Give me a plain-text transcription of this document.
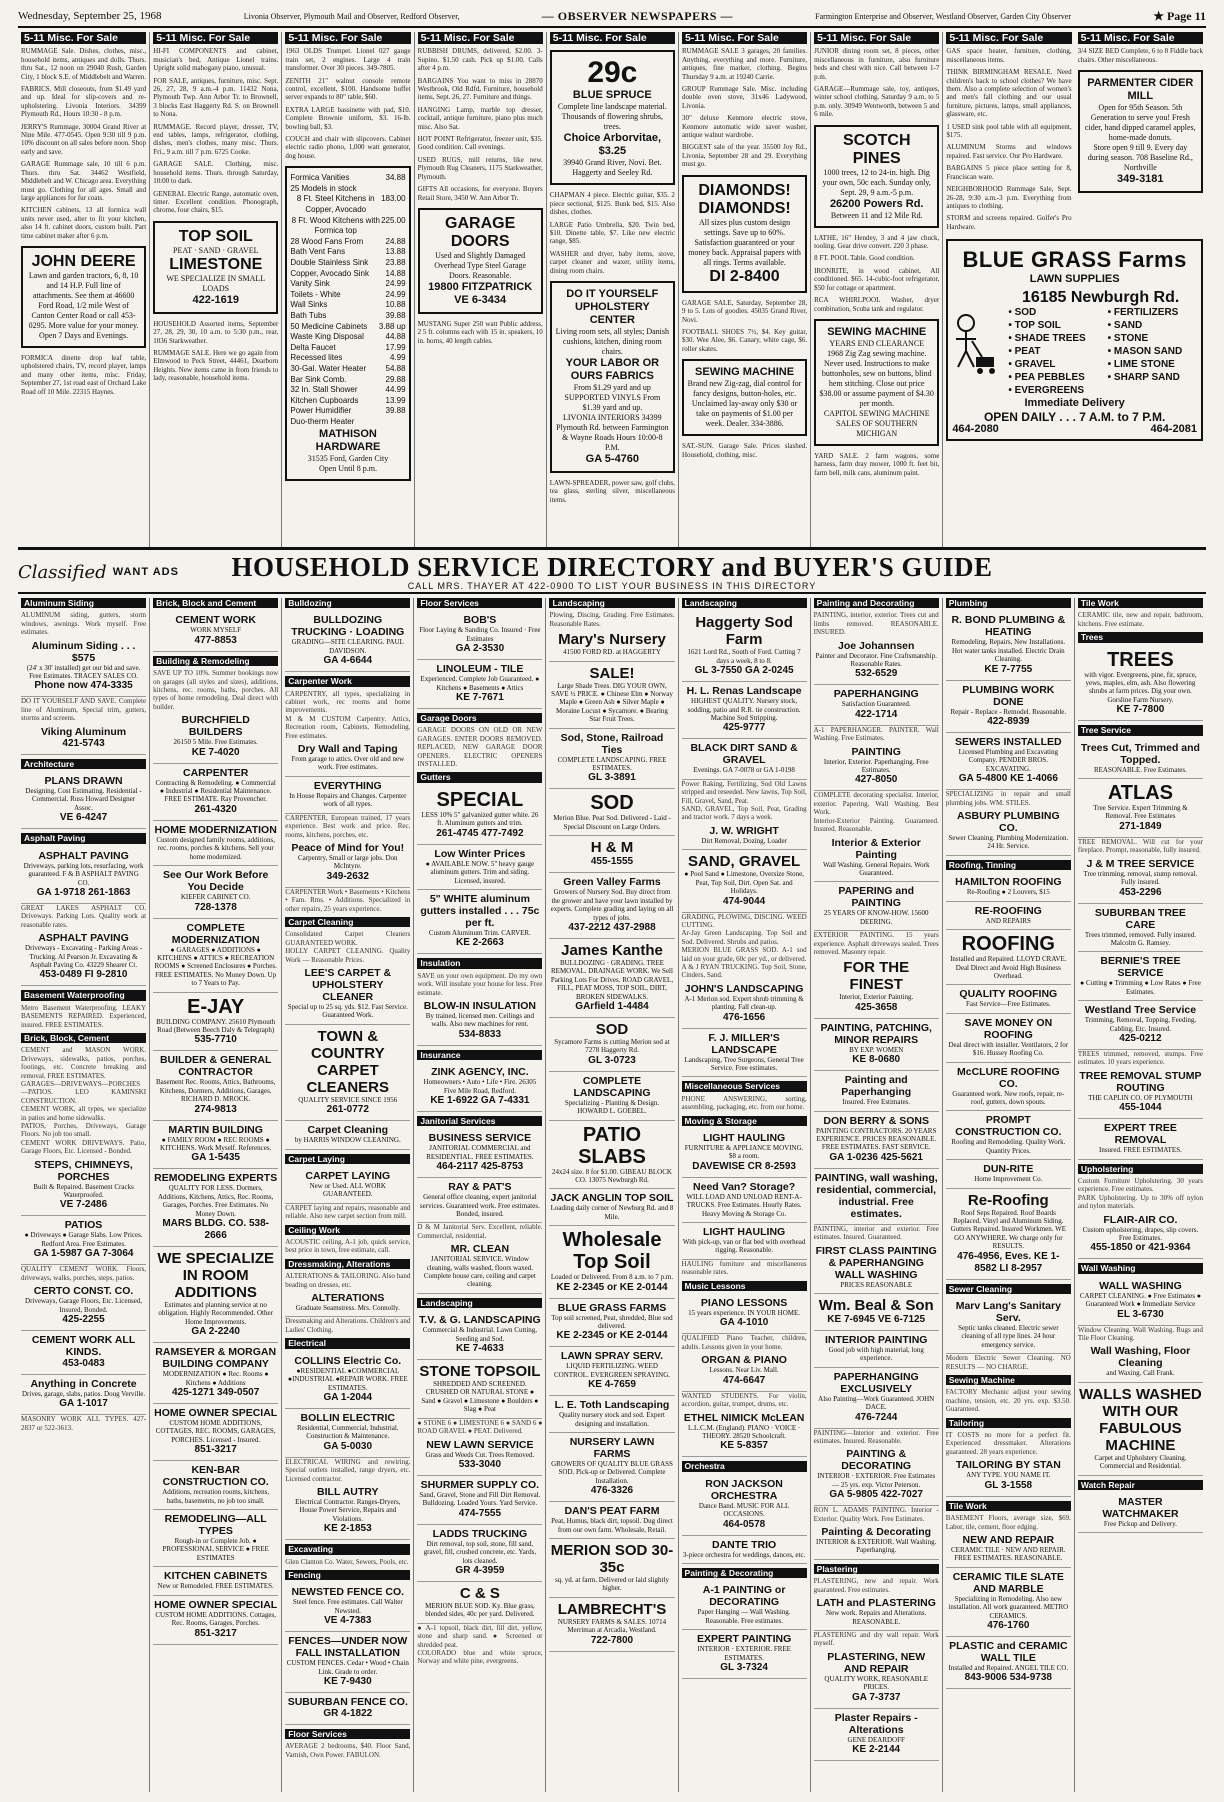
Wednesday, September 25, 1968	Livonia Observer, Plymouth Mail and Observer, Redford Observer,	— OBSERVER NEWSPAPERS —	Farmington Enterprise and Observer, Westland Observer, Garden City Observer	★ Page 11
5-11 Misc. For Sale

RUMMAGE Sale. Dishes, clothes, misc., household items, antiques and dolls. Thurs. thru Sat., 12 noon on 29040 Rush, Garden City, 1 block S.E. of Middlebelt and Warren.

FABRICS. Mill closeouts, from $1.49 yard and up. Ideal for slip-covers and re-upholstering. Livonia Interiors. 34399 Plymouth Rd., Hours 10:30 - 8 p.m.

JERRY'S Rummage, 30004 Grand River at Nine Mile. 477-0545. Open 9:30 till 9 p.m. 10% discount on all sales before noon. Shop early and save.

GARAGE Rummage sale, 10 till 6 p.m. Thurs. thru Sat. 34462 Westfield, Middlebelt and W. Chicago area. Everything must go. Clothing for all ages. Small and large appliances for fur coats.

KITCHEN cabinets, 13 all formica wall units never used, alter to fit your kitchen, also 14 ft. cabinet doors, custom built. Part time cabinet maker after 6 p.m.

JOHN DEERE
Lawn and garden tractors, 6, 8, 10 and 14 H.P. Full line of attachments. See them at 46600 Ford Road, 1/2 mile West of Canton Center Road or call 453-0295. More value for your money. Open 7 Days and Evenings.

FORMICA dinette drop leaf table, upholstered chairs, TV, record player, lamps and many other items, misc. Friday, September 27, 1st road east of Orchard Lake Road off 10 Mile. 22315 Haynes.

5-11 Misc. For Sale

HI-FI COMPONENTS and cabinet, musician's bed, Antique Lionel trains. Upright solid mahogany piano, unusual.

FOR SALE, antiques, furniture, misc. Sept. 26, 27, 28, 9 a.m.-4 p.m. 11432 Nona, Plymouth Twp. Ann Arbor Tr. to Brownell, 3 blocks East Haggerty Rd. S. on Brownell to Nona.

RUMMAGE. Record player, dresser, TV, end tables, lamps, refrigerator, clothing, dishes, men's clothes, many misc. Thurs. Fri., 9 a.m. till 7 p.m. 6725 Cooke.

GARAGE SALE. Clothing, misc. household items. Thurs. through Saturday, 10:00 to dark.

GENERAL Electric Range, automatic oven, timer. Excellent condition. Phonograph, chrome, four chairs, $15.

TOP SOIL
PEAT · SAND · GRAVEL
LIMESTONE
WE SPECIALIZE IN SMALL LOADS
422-1619

HOUSEHOLD Assorted items, September 27, 28, 29, 30, 10 a.m. to 5:30 p.m., rear, 1036 Starkweather.

RUMMAGE SALE. Here we go again from Elmwood to Peck Street, 44461, Dearborn Heights. New items came in from friends to lady, reasonable, household items.

5-11 Misc. For Sale

1963 OLDS Trumpet. Lionel 027 gauge train set, 2 engines. Large 4 train transformer. Over 30 pieces. 349-7805.

ZENITH 21" walnut console remote control, excellent, $100. Handsome buffet server expands to 80" table, $60.

EXTRA LARGE bassinette with pad, $10. Complete Brownie uniform, $3. 16-lb. bowling ball, $3.

COUCH and chair with slipcovers. Cabinet electric radio phono, 1,000 watt generator, dog house.

Formica Vanities	34.88
25 Models in stock
8 Ft. Steel Kitchens in Copper, Avocado
183.00
8 Ft. Wood Kitchens with Formica top
225.00
28 Wood Fans From	24.88
Bath Vent Fans	13.88
Double Stainless Sink 23.88
Copper, Avocado Sink 14.88
Vanity Sink	24.99
Toilets - White	24.99
Wall Sinks	10.88
Bath Tubs	39.88
50 Medicine Cabinets 3.88 up
Waste King Disposal	44.88
Delta Faucet	17.99
Recessed lites	4.99
30-Gal. Water Heater 54.88
Bar Sink Comb.	29.88
32 In. Stall Shower	44.99
Kitchen Cupboards	13.99
Power Humidifier	39.88
Duo-therm Heater
MATHISON HARDWARE
31535 Ford, Garden City
Open Until 8 p.m.
5-11 Misc. For Sale

RUBBISH DRUMS, delivered, $2.00. 3-Supino. $1.50 cash. Pick up $1.00. Calls after 4 p.m.

BARGAINS You want to miss in 28870 Westbrook, Old Rdfd, Furniture, household items, Sept. 26, 27. Furniture and things.

HANGING Lamp, marble top dresser, cocktail, antique furniture, piano plus much misc. Also Sat.

HOT POINT Refrigerator, freezer unit, $35. Good condition. Call evenings.

USED RUGS, mill returns, like new. Plymouth Rug Cleaners, 1175 Starkweather, Plymouth.

GIFTS All occasions, for everyone. Buyers Retail Store, 3450 W. Ann Arbor Tr.

GARAGE DOORS
Used and Slightly Damaged Overhead Type Steel Garage Doors. Reasonable.
19800 FITZPATRICK
VE 6-3434

MUSTANG Super 250 watt Public address, 2 5 ft. columns each with 15 in. speakers, 10 in. horns, 40 length cables.

5-11 Misc. For Sale
29c
BLUE SPRUCE
Complete line landscape material. Thousands of flowering shrubs, trees.
Choice Arborvitae, $3.25
39940 Grand River, Novi. Bet. Haggerty and Seeley Rd.

CHAPMAN 4 piece. Electric guitar, $35. 2 piece sectional, $125. Bunk bed, $15. Also dishes, clothes.

LARGE Patio Umbrella, $20. Twin bed, $10. Dinette table, $7. Like new electric range, $85.

WASHER and dryer, baby items, stove, carpet cleaner and waxer, utility items, dining room chairs.

DO IT YOURSELF UPHOLSTERY CENTER
Living room sets, all styles; Danish cushions, kitchen, dining room chairs.
YOUR LABOR OR OURS FABRICS
From $1.29 yard and up SUPPORTED VINYLS From $1.39 yard and up.
LIVONIA INTERIORS 34399 Plymouth Rd. between Farmington & Wayne Roads Hours 10:00-8 P.M.
GA 5-4760

LAWN-SPREADER, power saw, golf clubs, tea glass, sterling silver, miscellaneous items.

5-11 Misc. For Sale

RUMMAGE SALE 3 garages, 20 families. Anything, everything and more. Furniture, antiques, fine marker, clothing. Begins Thursday 9 a.m. at 19240 Carrie.

GROUP Rummage Sale. Misc. including double oven stove, 31x46 Ladywood, Livonia.

30" deluxe Kenmore electric stove, Kenmore automatic wide saver washer, antique walnut wardrobe.

BIGGEST sale of the year. 35500 Joy Rd., Livonia, September 28 and 29. Everything must go.

DIAMONDS!
DIAMONDS!
All sizes plus custom design settings. Save up to 60%. Satisfaction guaranteed or your money back. Appraisal papers with all rings. Terms available.
DI 2-8400

GARAGE SALE, Saturday, September 28, 9 to 5. Lots of goodies. 45035 Grand River, Novi.

FOOTBALL SHOES 7½, $4. Key guitar, $30. Wee Alee, $6. Canary, white cage, $6. roller skates.

SEWING MACHINE
Brand new Zig-zag, dial control for fancy designs, button-holes, etc. Unclaimed lay-away only $30 or take on payments of $1.00 per week. Dealer. 334-3886.

SAT.-SUN. Garage Sale. Prices slashed. Household, clothing, misc.

5-11 Misc. For Sale

JUNIOR dining room set, 8 pieces, other miscellaneous in furniture, also furniture beds and chest with nice. Call between 1-7 p.m.

GARAGE—Rummage sale, toy, antiques, winter school clothing. Saturday 9 a.m. to 5 p.m. only. 30949 Wentworth, between 5 and 6 mile.

SCOTCH PINES
1000 trees, 12 to 24-in. high. Dig your own, 50c each. Sunday only, Sept. 29, 9 a.m.-5 p.m.
26200 Powers Rd.
Between 11 and 12 Mile Rd.

LATHE, 16" Hendey, 3 and 4 jaw chuck, tooling. Gear drive convert. 220 3 phase.

8 FT. POOL Table. Good condition.

IRONRITE, in wood cabinet, All conditioned. $65. 14-cubic-foot refrigerator, $50 for cottage or apartment.

RCA WHIRLPOOL Washer, dryer combination, Scuba tank and regulator.

SEWING MACHINE
YEARS END CLEARANCE
1968 Zig Zag sewing machine. Never used. Instructions to make buttonholes, sew on buttons, blind hem stitching. Close out price $38.00 or assume payment of $4.30 per month.
CAPITOL SEWING MACHINE SALES OF SOUTHERN MICHIGAN

YARD SALE. 2 farm wagons, some harness, farm dray mower, 1000 ft. feet bit, farm bell, milk cans, aluminum paint.

5-11 Misc. For Sale

GAS space heater, furniture, clothing, miscellaneous items.

THINK BIRMINGHAM RESALE. Need children's back to school clothes? We have them. Also a complete selection of women's and men's fall clothing and our usual furniture, pictures, lamps, small appliances, glassware, etc.

1 USED sink pool table with all equipment, $175.

ALUMINUM Storms and windows repaired. Fast service. Our Pro Hardware.

BARGAINS 5 piece place setting for 8, Franciscan ware.

NEIGHBORHOOD Rummage Sale, Sept. 26-28, 9:30 a.m.-3 p.m. Everything from antiques to clothing.

STORM and screens repaired. Golfer's Pro Hardware.

5-11 Misc. For Sale

3/4 SIZE BED Complete, 6 to 8 Fiddle back chairs. Other miscellaneous.

PARMENTER CIDER MILL
Open for 95th Season. 5th Generation to serve you! Fresh cider, hand dipped caramel apples, home-made donuts.
Store open 9 till 9. Every day during season. 708 Baseline Rd., Northville
349-3181
BLUE GRASS Farms
LAWN SUPPLIES
16185 Newburgh Rd.
• SOD
• TOP SOIL
• SHADE TREES
• PEAT
• GRAVEL
• PEA PEBBLES
• EVERGREENS
• FERTILIZERS
• SAND
• STONE
• MASON SAND
• LIME STONE
• SHARP SAND
Immediate Delivery
OPEN DAILY . . . 7 A.M. to 7 P.M.
464-2080	464-2081
Classified WANT ADS	HOUSEHOLD SERVICE DIRECTORY and BUYER'S GUIDE
CALL MRS. THAYER AT 422-0900 TO LIST YOUR BUSINESS IN THIS DIRECTORY
Aluminum Siding
ALUMINUM siding, gutters, storm windows, awnings. Work myself. Free estimates.
Aluminum Siding . . . $575
(24' x 30' installed) get our bid and save. Free Estimates. TRACEY SALES CO.
Phone now 474-3335
DO IT YOURSELF AND SAVE. Complete line of Aluminum, Special trim, gutters, storms and screens.
Viking Aluminum
421-5743
Architecture
PLANS DRAWN
Designing, Cost Estimating. Residential - Commercial. Russ Howard Designer Assoc.
VE 6-4247
Asphalt Paving
ASPHALT PAVING
Driveways, parking lots, resurfacing, work guaranteed. F & B ASPHALT PAVING CO.
GA 1-9718 261-1863
GREAT LAKES ASPHALT CO. Driveways. Parking Lots. Quality work at reasonable rates.
ASPHALT PAVING
Driveways - Excavating - Parking Areas - Trucking. Al Pearson Jr. Excavating & Asphalt Paving Co. 43229 Shearer Ct.
453-0489 FI 9-2810
Basement Waterproofing
Metro Basement Waterproofing. LEAKY BASEMENTS REPAIRED. Experienced, insured. FREE ESTIMATES.
Brick, Block, Cement
CEMENT and MASON WORK. Driveways, sidewalks, patios, porches, footings, etc. Concrete breaking and removal. FREE ESTIMATES.
GARAGES—DRIVEWAYS—PORCHES—PATIOS. LEO KAMINSKI CONSTRUCTION.
CEMENT WORK, all types, we specialize in patios and home sidewalks.
PATIOS, Porches, Driveways, Garage Floors. No job too small.
CEMENT WORK DRIVEWAYS. Patio, Garage Floors, Etc. Licensed - Bonded.
STEPS, CHIMNEYS, PORCHES
Built & Repaired. Basement Cracks Waterproofed.
VE 7-2486
PATIOS
● Driveways ● Garage Slabs. Low Prices. Redford Area. Free Estimates.
GA 1-5987 GA 7-3064
QUALITY CEMENT WORK. Floors, driveways, walks, porches, steps, patios.
CERTO CONST. CO.
Driveways, Garage Floors, Etc. Licensed, Insured, Bonded.
425-2255
CEMENT WORK ALL KINDS.
453-0483
Anything in Concrete
Drives, garage, slabs, patios. Doug Verville.
GA 1-1017
MASONRY WORK ALL TYPES. 427-2837 or 522-3613.
Brick, Block and Cement
CEMENT WORK
WORK MYSELF
477-8853
Building & Remodeling
SAVE UP TO 10%. Summer bookings now on garages (all styles and sizes), additions, kitchens, rec. rooms, baths, porches. All types of home remodeling. Deal direct with builder.
BURCHFIELD BUILDERS
26150 5 Mile. Free Estimates.
KE 7-4020
CARPENTER
Contracting & Remodeling. ● Commercial ● Industrial ● Residential Maintenance. FREE ESTIMATE. Ray Provencher.
261-4320
HOME MODERNIZATION
Custom designed family rooms, additions, rec. rooms, porches & kitchens. Sell your home modernized.
See Our Work Before You Decide
KIEFER CABINET CO.
728-1378
COMPLETE MODERNIZATION
● GARAGES ● ADDITIONS ● KITCHENS ● ATTICS ● RECREATION ROOMS ● Screened Enclosures ● Porches. FREE ESTIMATES. No Money Down. Up to 7 Years to Pay.
E-JAY
BUILDING COMPANY. 25610 Plymouth Road (Between Beech Daly & Telegraph)
535-7710
BUILDER & GENERAL CONTRACTOR
Basement Rec. Rooms, Attics, Bathrooms, Kitchens, Dormers, Additions, Garages. RICHARD D. MROCK.
274-9813
MARTIN BUILDING
● FAMILY ROOM ● REC ROOMS ● KITCHENS. Work Myself. References.
GA 1-5435
REMODELING EXPERTS
QUALITY FOR LESS. Dormers, Additions, Kitchens, Attics, Rec. Rooms, Garages, Porches. Free Estimates. No Money Down.
MARS BLDG. CO. 538-2666
WE SPECIALIZE IN ROOM ADDITIONS
Estimates and planning service at no obligation. Highly Recommended. Other Home Improvements.
GA 2-2240
RAMSEYER & MORGAN BUILDING COMPANY
MODERNIZATION ● Rec. Rooms ● Kitchens ● Additions
425-1271 349-0507
HOME OWNER SPECIAL
CUSTOM HOME ADDITIONS, COTTAGES, REC. ROOMS, GARAGES, PORCHES. Licensed - Insured.
851-3217
KEN-BAR CONSTRUCTION CO.
Additions, recreation rooms, kitchens, baths, basements, no job too small.
REMODELING—ALL TYPES
Rough-in or Complete Job. ● PROFESSIONAL SERVICE ● FREE ESTIMATES
KITCHEN CABINETS
New or Remodeled. FREE ESTIMATES.
HOME OWNER SPECIAL
CUSTOM HOME ADDITIONS. Cottages, Rec. Rooms, Garages, Porches.
851-3217
Bulldozing
BULLDOZING TRUCKING · LOADING
GRADING—SITE CLEARING. PAUL DAVIDSON.
GA 4-6644
Carpenter Work
CARPENTRY, all types, specializing in cabinet work, rec rooms and home improvements.
M & M CUSTOM Carpentry. Attics, Recreation room, Cabinets, Remodeling. Free estimates.
Dry Wall and Taping
From garage to attics. Over old and new work. Free estimates.
EVERYTHING
In House Repairs and Changes. Carpenter work of all types.
CARPENTER, European trained, 17 years experience. Best work and price. Rec. rooms, kitchens, porches, etc.
Peace of Mind for You!
Carpentry, Small or large jobs. Don McIntyre.
349-2632
CARPENTER Work • Basements • Kitchens • Fam. Rms. • Additions. Specialized in other repairs, 25 years experience.
Carpet Cleaning
Consolidated Carpet Cleaners GUARANTEED WORK.
HOLLY CARPET CLEANING. Quality Work — Reasonable Prices.
LEE'S CARPET & UPHOLSTERY CLEANER
Special up to 25 sq. yds. $12. Fast Service. Guaranteed Work.
TOWN & COUNTRY CARPET CLEANERS
QUALITY SERVICE SINCE 1956
261-0772
Carpet Cleaning
by HARRIS WINDOW CLEANING.
Carpet Laying
CARPET LAYING
New or Used. ALL WORK GUARANTEED.
CARPET laying and repairs, reasonable and reliable. Also new carpet section from mill.
Ceiling Work
ACOUSTIC ceiling, A-1 job, quick service, best price in town, free estimate, call.
Dressmaking, Alterations
ALTERATIONS & TAILORING. Also hand beading on dresses, etc.
ALTERATIONS
Graduate Seamstress. Mrs. Connolly.
Dressmaking and Alterations. Children's and Ladies' Clothing.
Electrical
COLLINS Electric Co.
●RESIDENTIAL ●COMMERCIAL ●INDUSTRIAL ●REPAIR WORK. FREE ESTIMATES.
GA 1-2044
BOLLIN ELECTRIC
Residential, Commercial, Industrial. Construction & Maintenance.
GA 5-0030
ELECTRICAL WIRING and rewiring. Special outlets installed, range dryers, etc. Licensed contractor.
BILL AUTRY
Electrical Contractor. Ranges-Dryers, House Power Service, Repairs and Violations.
KE 2-1853
Excavating
Glen Clanton Co. Water, Sewers, Pools, etc.
Fencing
NEWSTED FENCE CO.
Steel fence. Free estimates. Call Walter Newsted.
VE 4-7383
FENCES—UNDER NOW FALL INSTALLATION
CUSTOM FENCES. Cedar • Wood • Chain Link. Grade to order.
KE 7-9430
SUBURBAN FENCE CO.
GR 4-1822
Floor Services
AVERAGE 2 bedrooms, $40. Floor Sand, Varnish, Own Power. FABULON.
Floor Services
BOB'S
Floor Laying & Sanding Co. Insured · Free Estimates
GA 2-3530
LINOLEUM - TILE
Experienced. Complete Job Guaranteed. ● Kitchens ● Basements ● Attics
KE 7-7671
Garage Doors
GARAGE DOORS ON OLD OR NEW GARAGES. ENTER DOORS REMOVED. REPLACED, NEW GARAGE DOOR OPENERS. ELECTRIC OPENERS INSTALLED.
Gutters
SPECIAL
LESS 10% 5" galvanized gutter white. 26 ft. Aluminum gutters and trim.
261-4745 477-7492
Low Winter Prices
● AVAILABLE NOW. 5" heavy gauge aluminum gutters. Trim and siding. Licensed, insured.
5" WHITE aluminum gutters installed . . . 75c per ft.
Custom Aluminum Trim. CARVER.
KE 2-2663
Insulation
SAVE on your own equipment. Do my own work. Will insulate your house for less. Free estimate.
BLOW-IN INSULATION
By trained, licensed men. Ceilings and walls. Also new machines for rent.
534-8833
Insurance
ZINK AGENCY, INC.
Homeowners • Auto • Life • Fire. 26305 Five Mile Road, Redford.
KE 1-6922 GA 7-4331
Janitorial Services
BUSINESS SERVICE
JANITORIAL COMMERCIAL and RESIDENTIAL. FREE ESTIMATES.
464-2117 425-8753
RAY & PAT'S
General office cleaning, expert janitorial services. Guaranteed work. Free estimates. Bonded, insured.
D & M Janitorial Serv. Excellent, reliable. Commercial, residential.
MR. CLEAN
JANITORIAL SERVICE. Window cleaning, walls washed, floors waxed. Complete house care, ceiling and carpet cleaning.
Landscaping
T.V. & G. LANDSCAPING
Commercial & Industrial. Lawn Cutting, Seeding and Sod.
KE 7-4633
STONE TOPSOIL
SHREDDED AND SCREENED. CRUSHED OR NATURAL STONE ● Sand ● Gravel ● Limestone ● Boulders ● Slag ● Peat
● STONE 6 ● LIMESTONE 6 ● SAND 6 ● ROAD GRAVEL ● PEAT. Delivered.
NEW LAWN SERVICE
Grass and Weeds Cut. Trees Removed.
533-3040
SHURMER SUPPLY CO.
Sand, Gravel, Stone and Fill Dirt Removal. Bulldozing. Loaded Yours. Yard Service.
474-7555
LADDS TRUCKING
Dirt removal, top soil, stone, fill sand, gravel, fill, crushed concrete, etc. Yards, lots cleaned.
GR 4-3959
C & S
MERION BLUE SOD. Ky. Blue grass, blended sides, 40c per yard. Delivered.
● A-1 topsoil, black dirt, fill dirt, yellow, stone and sharp sand. ● Screened or shredded peat.
COLORADO blue and white spruce, Norway and white pine, evergreens.
Landscaping
Plowing, Discing, Grading. Free Estimates. Reasonable Rates.
Mary's Nursery
41500 FORD RD. at HAGGERTY
SALE!
Large Shade Trees. DIG YOUR OWN, SAVE ½ PRICE. ● Chinese Elm ● Norway Maple ● Green Ash ● Silver Maple ● Moraine Locust ● Sycamore. ● Bearing Star Fruit Trees.
Sod, Stone, Railroad Ties
COMPLETE LANDSCAPING. FREE ESTIMATES.
GL 3-3891
SOD
Merion Blue. Peat Sod. Delivered - Laid - Special Discount on Large Orders.
H & M
455-1555
Green Valley Farms
Growers of Nursery Sod. Buy direct from the grower and have your lawn installed by experts. Complete grading and laying on all types of jobs.
437-2212 437-2988
James Kanthe
BULLDOZING · GRADING. TREE REMOVAL. DRAINAGE WORK. We Sell Parking Lots For Drives. ROAD GRAVEL, FILL, PEAT MOSS, TOP SOIL, DIRT, BROKEN SIDEWALKS.
GArfield 1-4484
SOD
Sycamore Farms is cutting Merion sod at 7278 Haggerty Rd.
GL 3-0723
COMPLETE LANDSCAPING
Specializing - Planting & Design. HOWARD L. GOEBEL.
PATIO SLABS
24x24 size. 8 for $1.00. GIBEAU BLOCK CO. 13075 Newburgh Rd.
JACK ANGLIN TOP SOIL
Loading daily corner of Newburg Rd. and 8 Mile.
Wholesale Top Soil
Loaded or Delivered. From 8 a.m. to 7 p.m.
KE 2-2345 or KE 2-0144
BLUE GRASS FARMS
Top soil screened, Peat, shredded, Blue sod delivered.
KE 2-2345 or KE 2-0144
LAWN SPRAY SERV.
LIQUID FERTILIZING. WEED CONTROL. EVERGREEN SPRAYING.
KE 4-7659
L. E. Toth Landscaping
Quality nursery stock and sod. Expert designing and installation.
NURSERY LAWN FARMS
GROWERS OF QUALITY BLUE GRASS SOD. Pick-up or Delivered. Complete Installation.
476-3326
DAN'S PEAT FARM
Peat, Humus, black dirt, topsoil. Dug direct from our own farm. Wholesale, Retail.
MERION SOD 30-35c
sq. yd. at farm. Delivered or laid slightly higher.
LAMBRECHT'S
NURSERY FARMS & SALES. 10714 Merriman at Arcadia, Westland.
722-7800
Landscaping
Haggerty Sod Farm
1621 Lord Rd., South of Ford. Cutting 7 days a week, 8 to 8.
GL 3-7550 GA 2-0245
H. L. Renas Landscape
HIGHEST QUALITY. Nursery stock, sodding, patio and R.R. tie construction. Machine Sod Stripping.
425-9777
BLACK DIRT SAND & GRAVEL
Evenings. GA 7-0078 or GA 1-0198
Power Raking, Fertilizing, Sod Old Lawns stripped and reseeded. New lawns, Top Soil, Fill, Gravel, Sand, Peat.
SAND, GRAVEL, Top Soil, Peat, Grading and tractor work. 7 days a week.
J. W. WRIGHT
Dirt Removal, Dozing, Loader
SAND, GRAVEL
● Pool Sand ● Limestone, Oversize Stone, Peat, Top Soil, Dirt. Open Sat. and Holidays.
474-9044
GRADING, PLOWING, DISCING. WEED CUTTING.
Ar-Jay Green Landscaping. Top Soil and Sod. Delivered. Shrubs and patios.
MERION BLUE GRASS SOD. A-1 sod laid on your grade, 60c per yd., or delivered.
A & J RYAN TRUCKING. Top Soil, Stone, Cinders, Sand.
JOHN'S LANDSCAPING
A-1 Merion sod. Expert shrub trimming & planting. Fall clean-up.
476-1656
F. J. MILLER'S LANDSCAPE
Landscaping, Tree Surgeons, General Tree Service. Free estimates.
Miscellaneous Services
PHONE ANSWERING, sorting, assembling, packaging, etc. from our home.
Moving & Storage
LIGHT HAULING
FURNITURE & APPLIANCE MOVING. $8 a room.
DAVEWISE CR 8-2593
Need Van? Storage?
WILL LOAD AND UNLOAD RENT-A-TRUCKS. Free Estimates. Hourly Rates. Heavy Moving & Storage Co.
LIGHT HAULING
With pick-up, van or flat bed with overhead rigging. Reasonable.
HAULING furniture and miscellaneous reasonable rates.
Music Lessons
PIANO LESSONS
15 years experience. IN YOUR HOME.
GA 4-1010
QUALIFIED Piano Teacher, children, adults. Lessons given in your home.
ORGAN & PIANO
Lessons. Near Liv. Mall.
474-6647
WANTED STUDENTS. For violin, accordion, guitar, trumpet, drums, etc.
ETHEL NIMICK McLEAN
L.L.C.M. (England). PIANO · VOICE · THEORY. 28520 Schoolcraft.
KE 5-8357
Orchestra
RON JACKSON ORCHESTRA
Dance Band. MUSIC FOR ALL OCCASIONS.
464-0578
DANTE TRIO
3-piece orchestra for weddings, dances, etc.
Painting & Decorating
A-1 PAINTING or DECORATING
Paper Hanging — Wall Washing. Reasonable. Free estimates.
EXPERT PAINTING
INTERIOR · EXTERIOR. FREE ESTIMATES.
GL 3-7324
Painting and Decorating
PAINTING, interior, exterior. Trees cut and limbs removed. REASONABLE. INSURED.
Joe Johannsen
Painter and Decorator. Fine Craftsmanship. Reasonable Rates.
532-6529
PAPERHANGING
Satisfaction Guaranteed.
422-1714
A-1 PAPERHANGER. PAINTER. Wall Washing. Free Estimates.
PAINTING
Interior, Exterior. Paperhanging. Free Estimates.
427-8050
COMPLETE decorating specialist. Interior, exterior. Papering. Wall Washing. Best Work.
Interior-Exterior Painting. Guaranteed. Insured. Reasonable.
Interior & Exterior Painting
Wall Washing. General Repairs. Work Guaranteed.
PAPERING and PAINTING
25 YEARS OF KNOW-HOW. 15600 DEERING.
EXTERIOR PAINTING. 15 years experience. Asphalt driveways sealed. Trees removed. Masonry repair.
FOR THE FINEST
Interior, Exterior Painting.
425-3658
PAINTING, PATCHING, MINOR REPAIRS
BY EXP. WOMEN
KE 8-0680
Painting and Paperhanging
Insured. Free Estimates.
DON BERRY & SONS
PAINTING CONTRACTORS. 20 YEARS EXPERIENCE. PRICES REASONABLE. FREE ESTIMATES. FAST SERVICE.
GA 1-0236 425-5621
PAINTING, wall washing, residential, commercial, industrial. Free estimates.
PAINTING, interior and exterior. Free estimates. Insured. Guaranteed.
FIRST CLASS PAINTING & PAPERHANGING WALL WASHING
PRICES REASONABLE
Wm. Beal & Son
KE 7-6945 VE 6-7125
INTERIOR PAINTING
Good job with high material, long experience.
PAPERHANGING EXCLUSIVELY
Also Painting—Work Guaranteed. JOHN DACE.
476-7244
PAINTING—Interior and exterior. Free estimates. Insured. Reasonable.
PAINTING & DECORATING
INTERIOR · EXTERIOR. Free Estimates — 25 yrs. exp. Victor Peterson.
GA 5-9805 422-7027
RON L. ADAMS PAINTING. Interior - Exterior. Quality Work. Free Estimates.
Painting & Decorating
INTERIOR & EXTERIOR. Wall Washing. Paperhanging.
Plastering
PLASTERING, new and repair. Work guaranteed. Free estimates.
LATH and PLASTERING
New work. Repairs and Alterations. REASONABLE.
PLASTERING and dry wall repair. Work myself.
PLASTERING, NEW AND REPAIR
QUALITY WORK, REASONABLE PRICES.
GA 7-3737
Plaster Repairs - Alterations
GENE DEARDOFF
KE 2-2144
Plumbing
R. BOND PLUMBING & HEATING
Remodeling, Repairs, New Installations. Hot water tanks installed. Electric Drain Cleaning.
KE 7-7755
PLUMBING WORK DONE
Repair - Replace - Remodel. Reasonable.
422-8939
SEWERS INSTALLED
Licensed Plumbing and Excavating Company. PENDER BROS. EXCAVATING.
GA 5-4800 KE 1-4066
SPECIALIZING in repair and small plumbing jobs. WM. STILES.
ASBURY PLUMBING CO.
Sewer Cleaning. Plumbing Modernization. 24 Hr. Service.
Roofing, Tinning
HAMILTON ROOFING
Re-Roofing ● 2 Louvers, $15
RE-ROOFING
AND REPAIRS
ROOFING
Installed and Repaired. LLOYD CRAVE. Deal Direct and Avoid High Business Overhead.
QUALITY ROOFING
Fast Service—Free Estimates.
SAVE MONEY ON ROOFING
Deal direct with installer. Ventilators, 2 for $16. Hussey Roofing Co.
McCLURE ROOFING CO.
Guaranteed work. New roofs, repair, re-roof, gutters, down spouts.
PROMPT CONSTRUCTION CO.
Roofing and Remodeling. Quality Work. Quantity Prices.
DUN-RITE
Home Improvement Co.
Re-Roofing
Roof Seps Repaired. Roof Boards Replaced. Vinyl and Aluminum Siding. Gutters Repaired. Insured Workmen. WE GO ANYWHERE. We charge only for RESULTS.
476-4956, Eves. KE 1-8582 LI 8-2957
Sewer Cleaning
Marv Lang's Sanitary Serv.
Septic tanks cleaned. Electric sewer cleaning of all type lines. 24 hour emergency service.
Modern Electric Sewer Cleaning. NO RESULTS — NO CHARGE.
Sewing Machine
FACTORY Mechanic adjust your sewing machine, tension, etc. 20 yrs. exp. $3.50. Guaranteed.
Tailoring
IT COSTS no more for a perfect fit. Experienced dressmaker. Alterations guaranteed. 28 years experience.
TAILORING BY STAN
ANY TYPE. YOU NAME IT.
GL 3-1558
Tile Work
BASEMENT Floors, average size, $69. Labor, tile, cement, floor edging.
NEW AND REPAIR
CERAMIC TILE · NEW AND REPAIR. FREE ESTIMATES. REASONABLE.
CERAMIC TILE SLATE AND MARBLE
Specializing in Remodeling. Also new installation. All work guaranteed. METRO CERAMICS.
476-1760
PLASTIC and CERAMIC WALL TILE
Installed and Repaired. ANGEL TILE CO.
843-9006 534-9738
Tile Work
CERAMIC tile, new and repair, bathroom, kitchens. Free estimate.
Trees
TREES
with vigor. Evergreens, pine, fir, spruce, yews, maples, elm, ash. Also flowering shrubs at farm prices. Dig your own. Gorsline Farm Nursery.
KE 7-7800
Tree Service
Trees Cut, Trimmed and Topped.
REASONABLE. Free Estimates.
ATLAS
Tree Service. Expert Trimming & Removal. Free Estimates
271-1849
TREE REMOVAL. Will cut for your fireplace. Prompt, reasonable, fully insured.
J & M TREE SERVICE
Tree trimming, removal, stump removal. Fully insured.
453-2296
SUBURBAN TREE CARE
Trees trimmed, removed. Fully insured. Malcolm G. Ramsey.
BERNIE'S TREE SERVICE
● Cutting ● Trimming ● Low Rates ● Free Estimates.
Westland Tree Service
Trimming, Removal, Topping, Feeding, Cabling, Etc. Insured.
425-0212
TREES trimmed, removed, stumps. Free estimates. 10 years experience.
TREE REMOVAL STUMP ROUTING
THE CAPLIN CO. OF PLYMOUTH
455-1044
EXPERT TREE REMOVAL
Insured. FREE ESTIMATES.
Upholstering
Custom Furniture Upholstering. 30 years experience. Free estimates.
PARK Upholstering. Up to 30% off nylon and nylon materials.
FLAIR-AIR CO.
Custom upholstering, drapes, slip covers. Free Estimates.
455-1850 or 421-9364
Wall Washing
WALL WASHING
CARPET CLEANING. ● Free Estimates ● Guaranteed Work ● Immediate Service
EL 3-6730
Window Cleaning. Wall Washing. Rugs and Tile Floor Cleaning.
Wall Washing, Floor Cleaning
and Waxing. Call Frank.
WALLS WASHED WITH OUR FABULOUS MACHINE
Carpet and Upholstery Cleaning. Commercial and Residential.
Watch Repair
MASTER WATCHMAKER
Free Pickup and Delivery.
